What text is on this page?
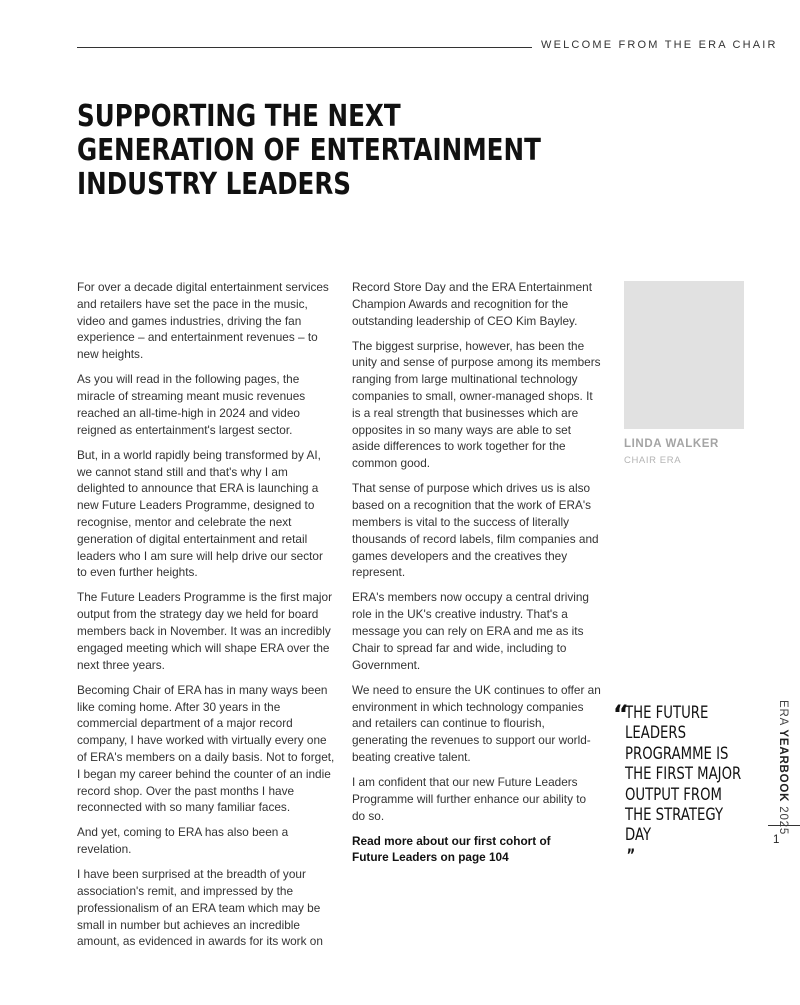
WELCOME FROM THE ERA CHAIR
SUPPORTING THE NEXT
GENERATION OF ENTERTAINMENT
INDUSTRY LEADERS

For over a decade digital entertainment services and retailers have set the pace in the music, video and games industries, driving the fan experience – and entertainment revenues – to new heights.

As you will read in the following pages, the miracle of streaming meant music revenues reached an all-time-high in 2024 and video reigned as entertainment's largest sector.

But, in a world rapidly being transformed by AI, we cannot stand still and that's why I am delighted to announce that ERA is launching a new Future Leaders Programme, designed to recognise, mentor and celebrate the next generation of digital entertainment and retail leaders who I am sure will help drive our sector to even further heights.

The Future Leaders Programme is the first major output from the strategy day we held for board members back in November. It was an incredibly engaged meeting which will shape ERA over the next three years.

Becoming Chair of ERA has in many ways been like coming home. After 30 years in the commercial department of a major record company, I have worked with virtually every one of ERA's members on a daily basis. Not to forget, I began my career behind the counter of an indie record shop. Over the past months I have reconnected with so many familiar faces.

And yet, coming to ERA has also been a revelation.

I have been surprised at the breadth of your association's remit, and impressed by the professionalism of an ERA team which may be small in number but achieves an incredible amount, as evidenced in awards for its work on

Record Store Day and the ERA Entertainment Champion Awards and recognition for the outstanding leadership of CEO Kim Bayley.

The biggest surprise, however, has been the unity and sense of purpose among its members ranging from large multinational technology companies to small, owner-managed shops. It is a real strength that businesses which are opposites in so many ways are able to set aside differences to work together for the common good.

That sense of purpose which drives us is also based on a recognition that the work of ERA's members is vital to the success of literally thousands of record labels, film companies and games developers and the creatives they represent.

ERA's members now occupy a central driving role in the UK's creative industry. That's a message you can rely on ERA and me as its Chair to spread far and wide, including to Government.

We need to ensure the UK continues to offer an environment in which technology companies and retailers can continue to flourish, generating the revenues to support our world-beating creative talent.

I am confident that our new Future Leaders Programme will further enhance our ability to do so.

Read more about our first cohort of
Future Leaders on page 104

LINDA WALKER
CHAIR ERA
“

THE FUTURE
LEADERS
PROGRAMME IS
THE FIRST MAJOR
OUTPUT FROM
THE STRATEGY
DAY
”

ERA YEARBOOK 2025
1
